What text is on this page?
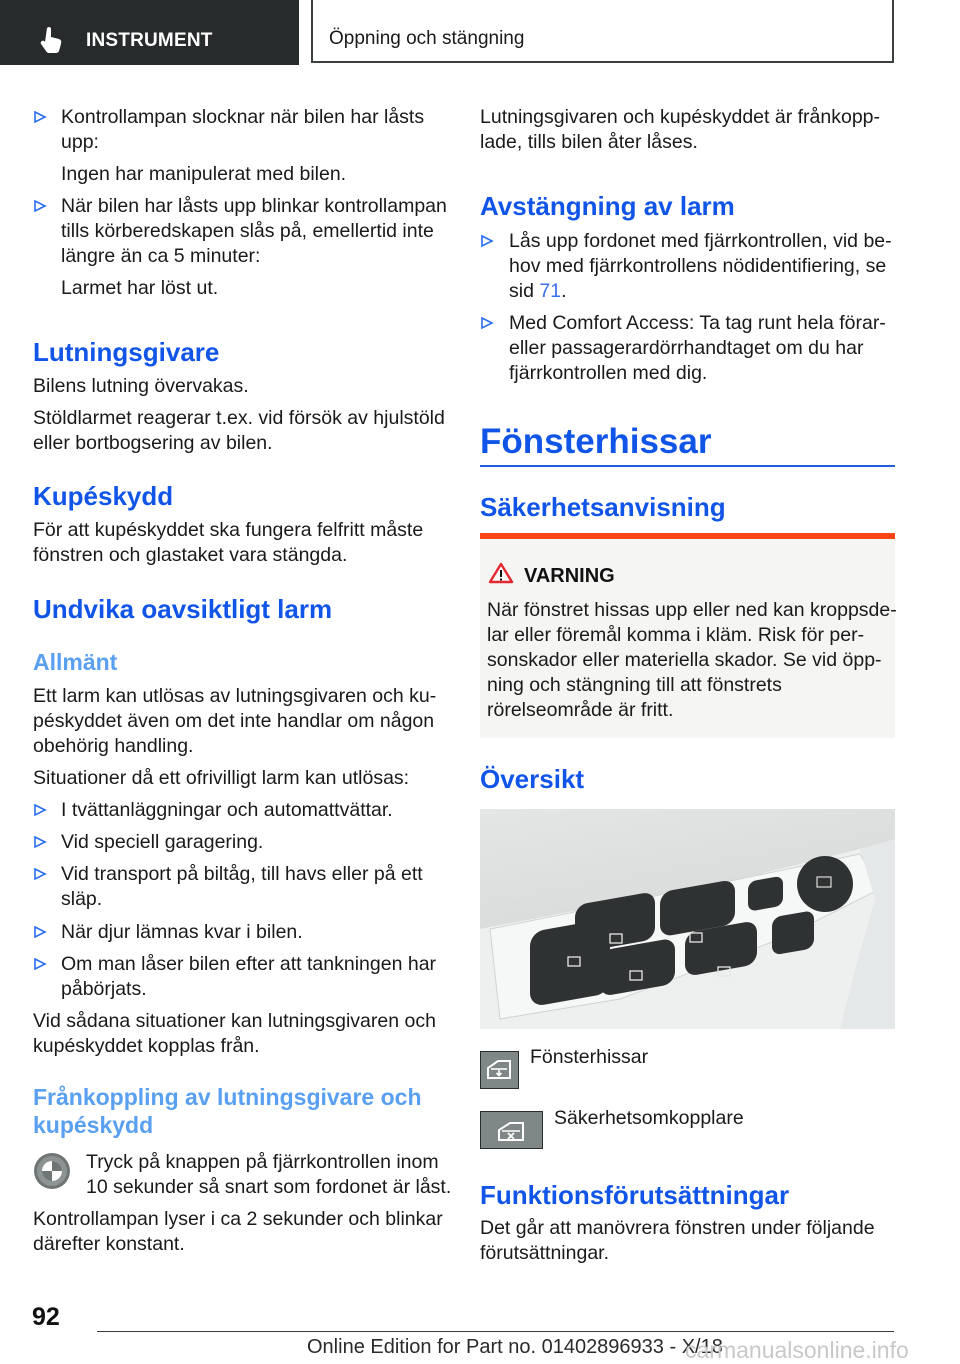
INSTRUMENT	Öppning och stängning
Kontrollampan slocknar när bilen har låsts
upp:
Ingen har manipulerat med bilen.
När bilen har låsts upp blinkar kontrollampan
tills körberedskapen slås på, emellertid inte
längre än ca 5 minuter:
Larmet har löst ut.
Lutningsgivare
Bilens lutning övervakas.
Stöldlarmet reagerar t.ex. vid försök av hjulstöld
eller bortbogsering av bilen.
Kupéskydd
För att kupéskyddet ska fungera felfritt måste
fönstren och glastaket vara stängda.
Undvika oavsiktligt larm
Allmänt
Ett larm kan utlösas av lutningsgivaren och ku-
péskyddet även om det inte handlar om någon
obehörig handling.
Situationer då ett ofrivilligt larm kan utlösas:
I tvättanläggningar och automattvättar.
Vid speciell garagering.
Vid transport på biltåg, till havs eller på ett
släp.
När djur lämnas kvar i bilen.
Om man låser bilen efter att tankningen har
påbörjats.
Vid sådana situationer kan lutningsgivaren och
kupéskyddet kopplas från.
Frånkoppling av lutningsgivare och
kupéskydd
Tryck på knappen på fjärrkontrollen inom
10 sekunder så snart som fordonet är låst.
Kontrollampan lyser i ca 2 sekunder och blinkar
därefter konstant.
Lutningsgivaren och kupéskyddet är frånkopp-
lade, tills bilen åter låses.
Avstängning av larm
Lås upp fordonet med fjärrkontrollen, vid be-
hov med fjärrkontrollens nödidentifiering, se
sid 71.
Med Comfort Access: Ta tag runt hela förar-
eller passagerardörrhandtaget om du har
fjärrkontrollen med dig.
Fönsterhissar
Säkerhetsanvisning
VARNING
När fönstret hissas upp eller ned kan kroppsde-
lar eller föremål komma i kläm. Risk för per-
sonskador eller materiella skador. Se vid öpp-
ning och stängning till att fönstrets
rörelseområde är fritt.
Översikt
Fönsterhissar
Säkerhetsomkopplare
Funktionsförutsättningar
Det går att manövrera fönstren under följande
förutsättningar.
92
Online Edition for Part no. 01402896933 - X/18
carmanualsonline.info
